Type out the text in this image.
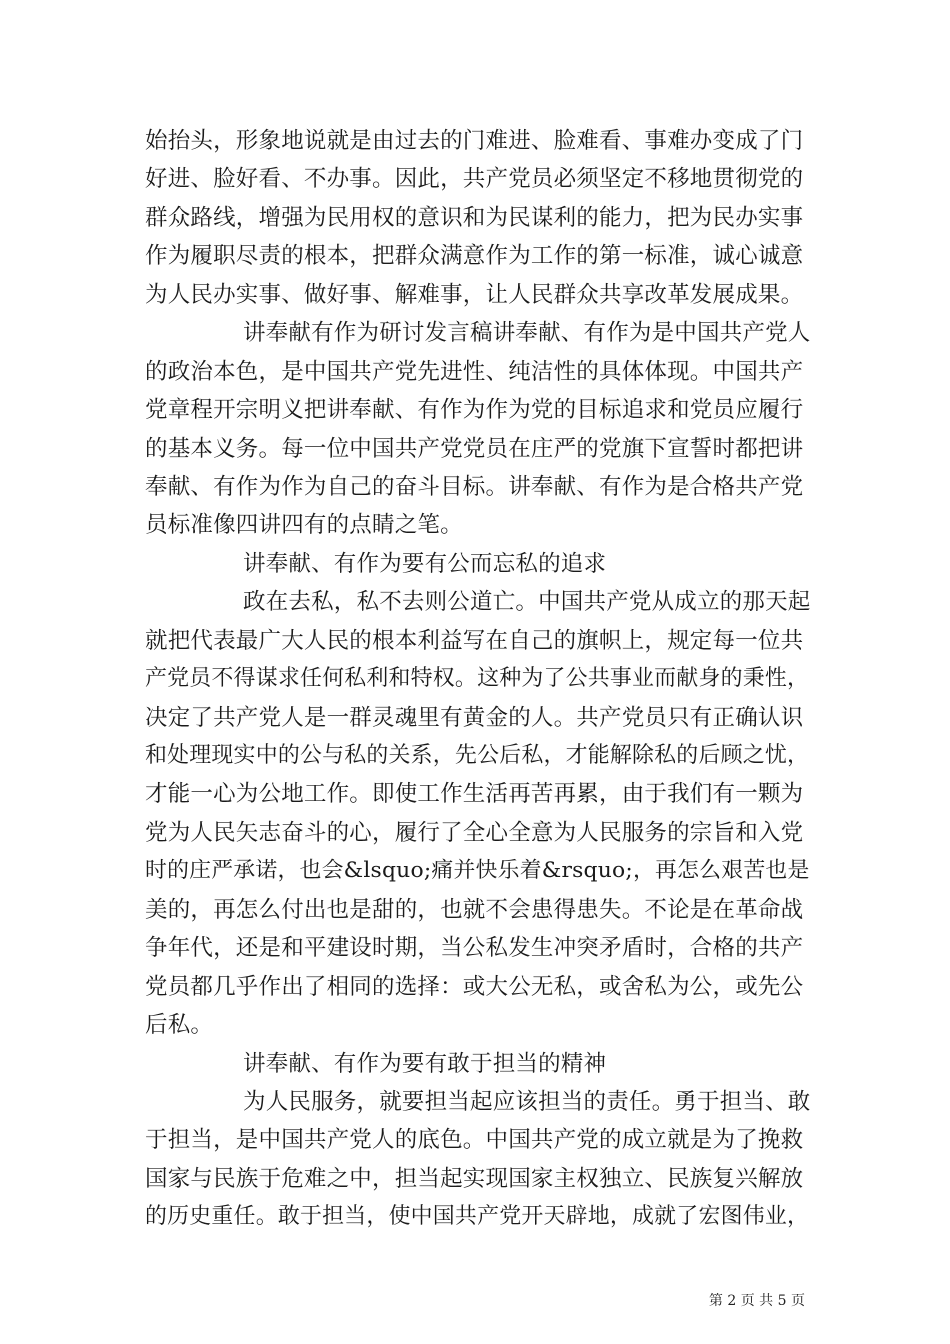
始抬头，形象地说就是由过去的门难进、脸难看、事难办变成了门
好进、脸好看、不办事。因此，共产党员必须坚定不移地贯彻党的
群众路线，增强为民用权的意识和为民谋利的能力，把为民办实事
作为履职尽责的根本，把群众满意作为工作的第一标准，诚心诚意
为人民办实事、做好事、解难事，让人民群众共享改革发展成果。
讲奉献有作为研讨发言稿讲奉献、有作为是中国共产党人
的政治本色，是中国共产党先进性、纯洁性的具体体现。中国共产
党章程开宗明义把讲奉献、有作为作为党的目标追求和党员应履行
的基本义务。每一位中国共产党党员在庄严的党旗下宣誓时都把讲
奉献、有作为作为自己的奋斗目标。讲奉献、有作为是合格共产党
员标准像四讲四有的点睛之笔。
讲奉献、有作为要有公而忘私的追求
政在去私，私不去则公道亡。中国共产党从成立的那天起
就把代表最广大人民的根本利益写在自己的旗帜上，规定每一位共
产党员不得谋求任何私利和特权。这种为了公共事业而献身的秉性，
决定了共产党人是一群灵魂里有黄金的人。共产党员只有正确认识
和处理现实中的公与私的关系，先公后私，才能解除私的后顾之忧，
才能一心为公地工作。即使工作生活再苦再累，由于我们有一颗为
党为人民矢志奋斗的心，履行了全心全意为人民服务的宗旨和入党
时的庄严承诺，也会&lsquo;痛并快乐着&rsquo;，再怎么艰苦也是
美的，再怎么付出也是甜的，也就不会患得患失。不论是在革命战
争年代，还是和平建设时期，当公私发生冲突矛盾时，合格的共产
党员都几乎作出了相同的选择：或大公无私，或舍私为公，或先公
后私。
讲奉献、有作为要有敢于担当的精神
为人民服务，就要担当起应该担当的责任。勇于担当、敢
于担当，是中国共产党人的底色。中国共产党的成立就是为了挽救
国家与民族于危难之中，担当起实现国家主权独立、民族复兴解放
的历史重任。敢于担当，使中国共产党开天辟地，成就了宏图伟业，
第 2 页 共 5 页
